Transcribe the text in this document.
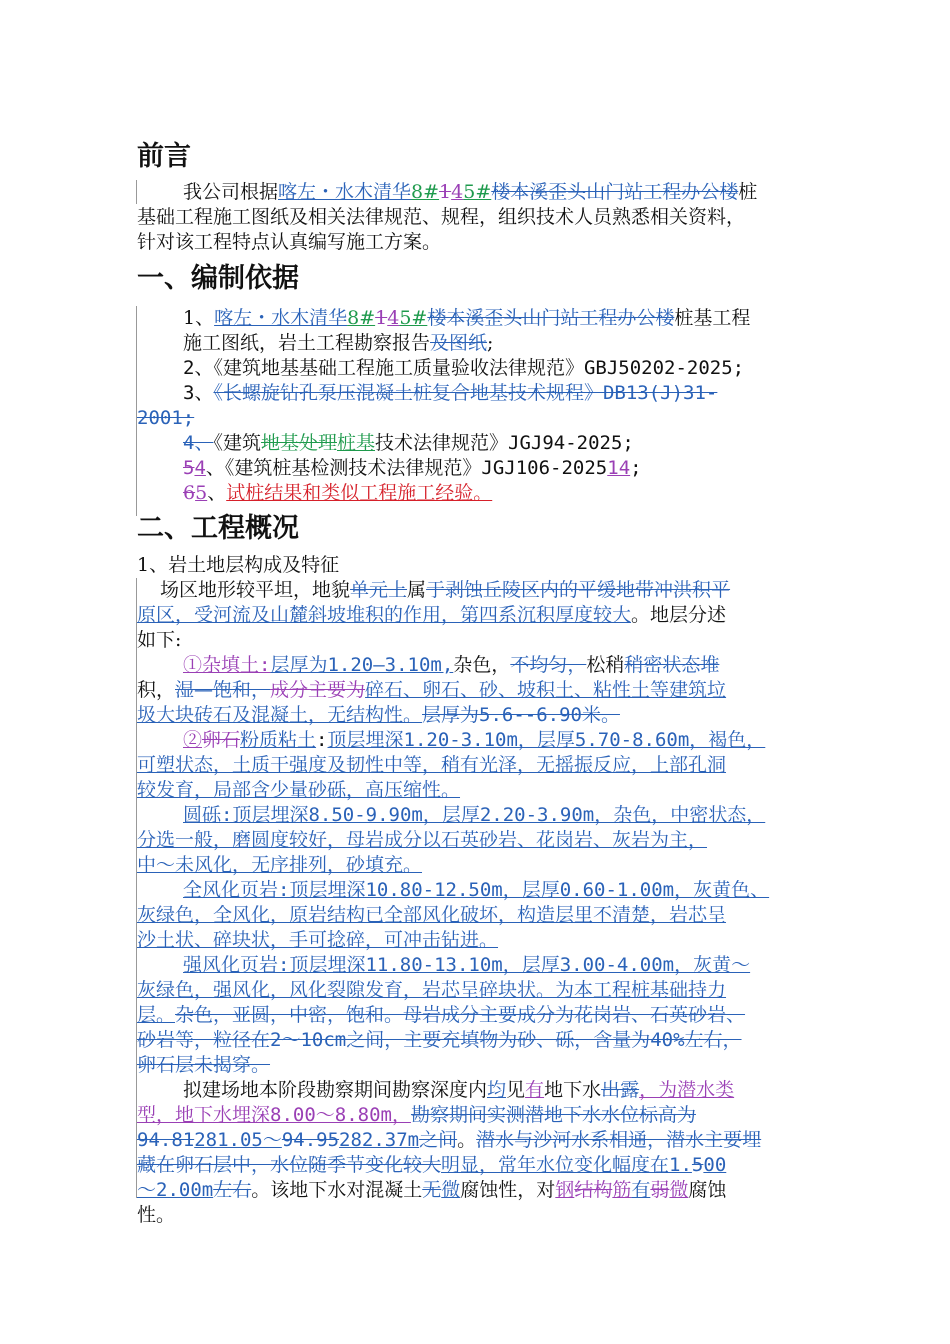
前言
我公司根据喀左・水木清华8#145#楼本溪歪头山门站工程办公楼桩
基础工程施工图纸及相关法律规范、规程，组织技术人员熟悉相关资料，
针对该工程特点认真编写施工方案。
一、编制依据
1、喀左・水木清华8#145#楼本溪歪头山门站工程办公楼桩基工程
施工图纸，岩土工程勘察报告及图纸;
2、《建筑地基基础工程施工质量验收法律规范》GBJ50202-2025;
3、《长螺旋钻孔泵压混凝土桩复合地基技术规程》DB13(J)31-
2001;
4、《建筑地基处理桩基技术法律规范》JGJ94-2025;
54、《建筑桩基检测技术法律规范》JGJ106-202514;
65、试桩结果和类似工程施工经验。
二、工程概况
1、岩土地层构成及特征
场区地形较平坦，地貌单元上属于剥蚀丘陵区内的平缓地带冲洪积平
原区，受河流及山麓斜坡堆积的作用，第四系沉积厚度较大。地层分述
如下:
①杂填土:层厚为1.20—3.10m,杂色，不均匀，松稍稍密状态堆
积，湿—饱和，成分主要为碎石、卵石、砂、坡积土、粘性土等建筑垃
圾大块砖石及混凝土，无结构性。层厚为5.6--6.90米。
②卵石粉质粘土:顶层埋深1.20-3.10m，层厚5.70-8.60m，褐色，
可塑状态，土质干强度及韧性中等，稍有光泽，无摇振反应，上部孔洞
较发育，局部含少量砂砾，高压缩性。
圆砾:顶层埋深8.50-9.90m，层厚2.20-3.90m，杂色，中密状态，
分选一般，磨圆度较好，母岩成分以石英砂岩、花岗岩、灰岩为主，
中～未风化，无序排列，砂填充。
全风化页岩:顶层埋深10.80-12.50m，层厚0.60-1.00m，灰黄色、
灰绿色，全风化，原岩结构已全部风化破坏，构造层里不清楚，岩芯呈
沙土状、碎块状，手可捻碎，可冲击钻进。
强风化页岩:顶层埋深11.80-13.10m，层厚3.00-4.00m，灰黄～
灰绿色，强风化，风化裂隙发育，岩芯呈碎块状。为本工程桩基础持力
层。杂色，亚圆，中密，饱和。母岩成分主要成分为花岗岩、石英砂岩、
砂岩等，粒径在2～10cm之间，主要充填物为砂、砾，含量为40%左右，
卵石层未揭穿。
拟建场地本阶段勘察期间勘察深度内均见有地下水出露，为潜水类
型，地下水埋深8.00～8.80m，勘察期间实测潜地下水水位标高为
94.81281.05～94.95282.37m之间。潜水与沙河水系相通，潜水主要埋
藏在卵石层中，水位随季节变化较大明显，常年水位变化幅度在1.500
～2.00m左右。该地下水对混凝土无微腐蚀性，对钢结构筋有弱微腐蚀
性。
